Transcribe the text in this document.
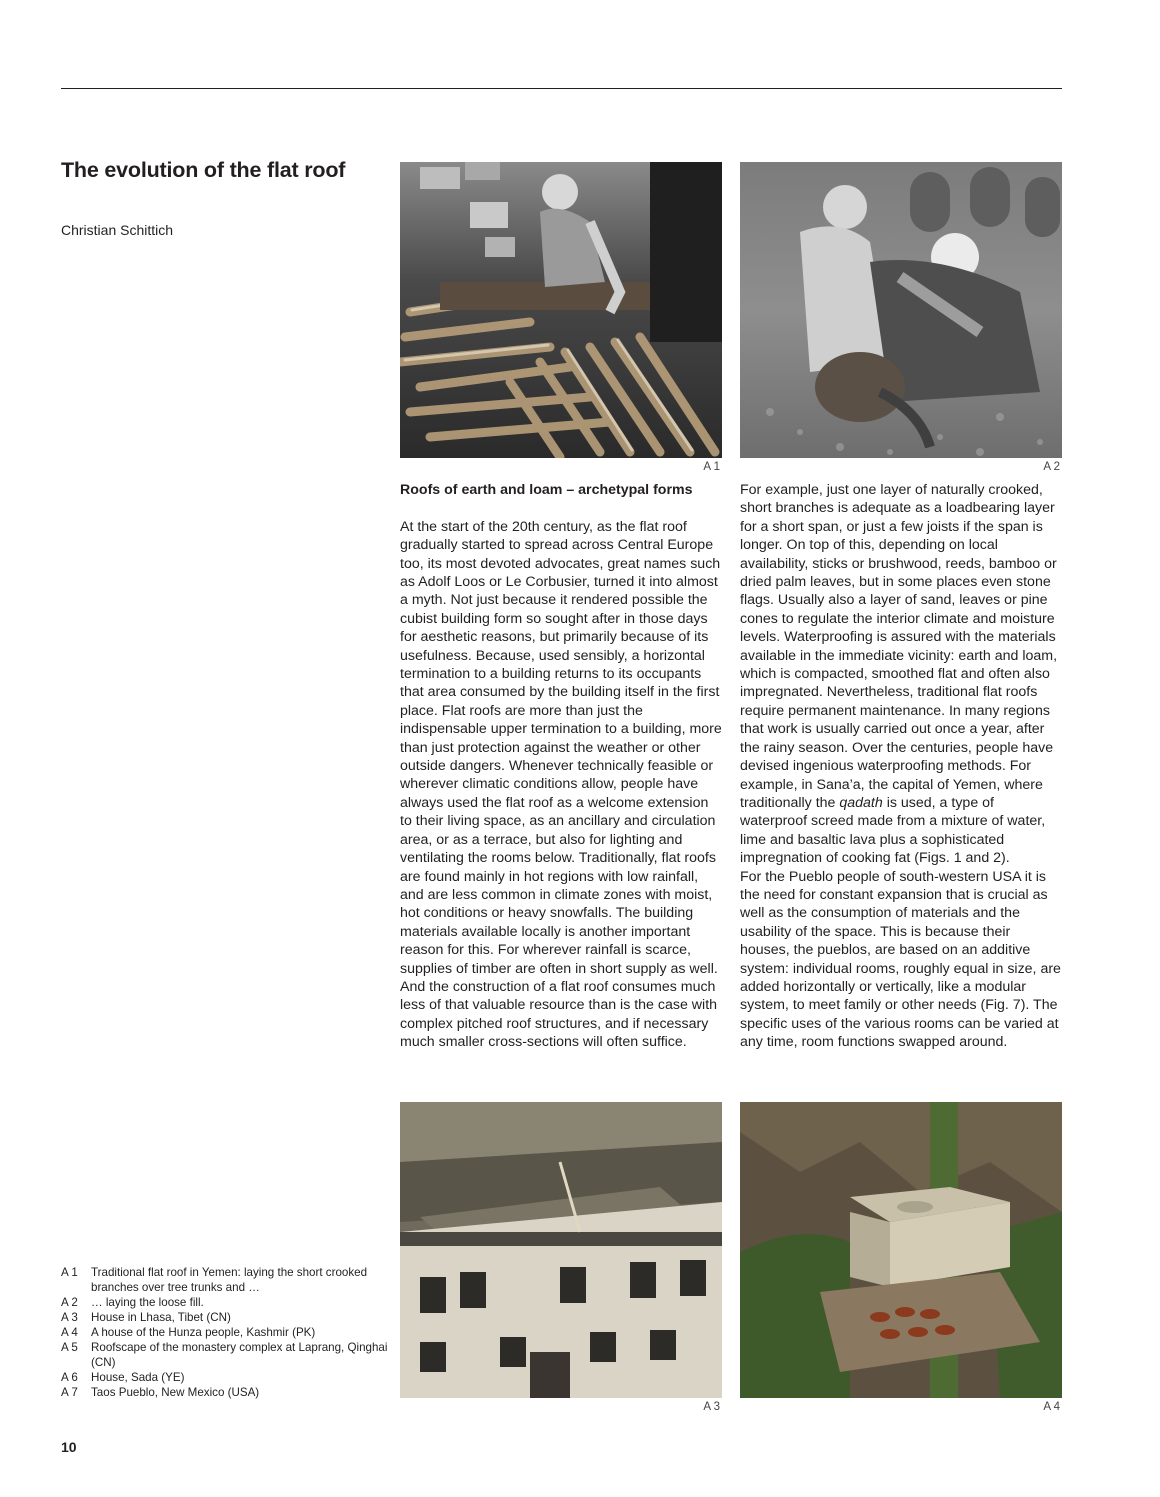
The evolution of the flat roof
Christian Schittich
A 1	A 2

Roofs of earth and loam – archetypal forms

At the start of the 20th century, as the flat roof gradually started to spread across Central Europe too, its most devoted advocates, great names such as Adolf Loos or Le Corbusier, turned it into almost a myth. Not just because it rendered possible the cubist building form so sought after in those days for aesthetic reasons, but primarily because of its usefulness. Because, used sensibly, a horizontal termination to a building returns to its occupants that area consumed by the building itself in the first place. Flat roofs are more than just the indispensable upper termination to a building, more than just protection against the weather or other outside dangers. Whenever technically feasible or wherever climatic conditions allow, people have always used the flat roof as a welcome extension to their living space, as an ancillary and circulation area, or as a terrace, but also for lighting and ventilating the rooms below. Traditionally, flat roofs are found mainly in hot regions with low rainfall, and are less common in climate zones with moist, hot conditions or heavy snowfalls. The building materials available locally is another important reason for this. For wherever rainfall is scarce, supplies of timber are often in short supply as well. And the construction of a flat roof consumes much less of that valuable resource than is the case with complex pitched roof structures, and if necessary much smaller cross-sections will often suffice.

For example, just one layer of naturally crooked, short branches is adequate as a loadbearing layer for a short span, or just a few joists if the span is longer. On top of this, depending on local availability, sticks or brushwood, reeds, bamboo or dried palm leaves, but in some places even stone flags. Usually also a layer of sand, leaves or pine cones to regulate the interior climate and moisture levels. Waterproofing is assured with the materials available in the immediate vicinity: earth and loam, which is compacted, smoothed flat and often also impregnated. Nevertheless, traditional flat roofs require permanent maintenance. In many regions that work is usually carried out once a year, after the rainy season. Over the centuries, people have devised ingenious waterproofing methods. For example, in Sana’a, the capital of Yemen, where traditionally the qadath is used, a type of waterproof screed made from a mixture of water, lime and basaltic lava plus a sophisticated impregnation of cooking fat (Figs. 1 and 2).

For the Pueblo people of south-western USA it is the need for constant expansion that is crucial as well as the consumption of materials and the usability of the space. This is because their houses, the pueblos, are based on an additive system: individual rooms, roughly equal in size, are added horizontally or vertically, like a modular system, to meet family or other needs (Fig. 7). The specific uses of the various rooms can be varied at any time, room functions swapped around.

A 3	A 4
A 1	Traditional flat roof in Yemen: laying the short crooked branches over tree trunks and …
A 2	… laying the loose fill.
A 3	House in Lhasa, Tibet (CN)
A 4	A house of the Hunza people, Kashmir (PK)
A 5	Roofscape of the monastery complex at Laprang, Qinghai (CN)
A 6	House, Sada (YE)
A 7	Taos Pueblo, New Mexico (USA)
10
